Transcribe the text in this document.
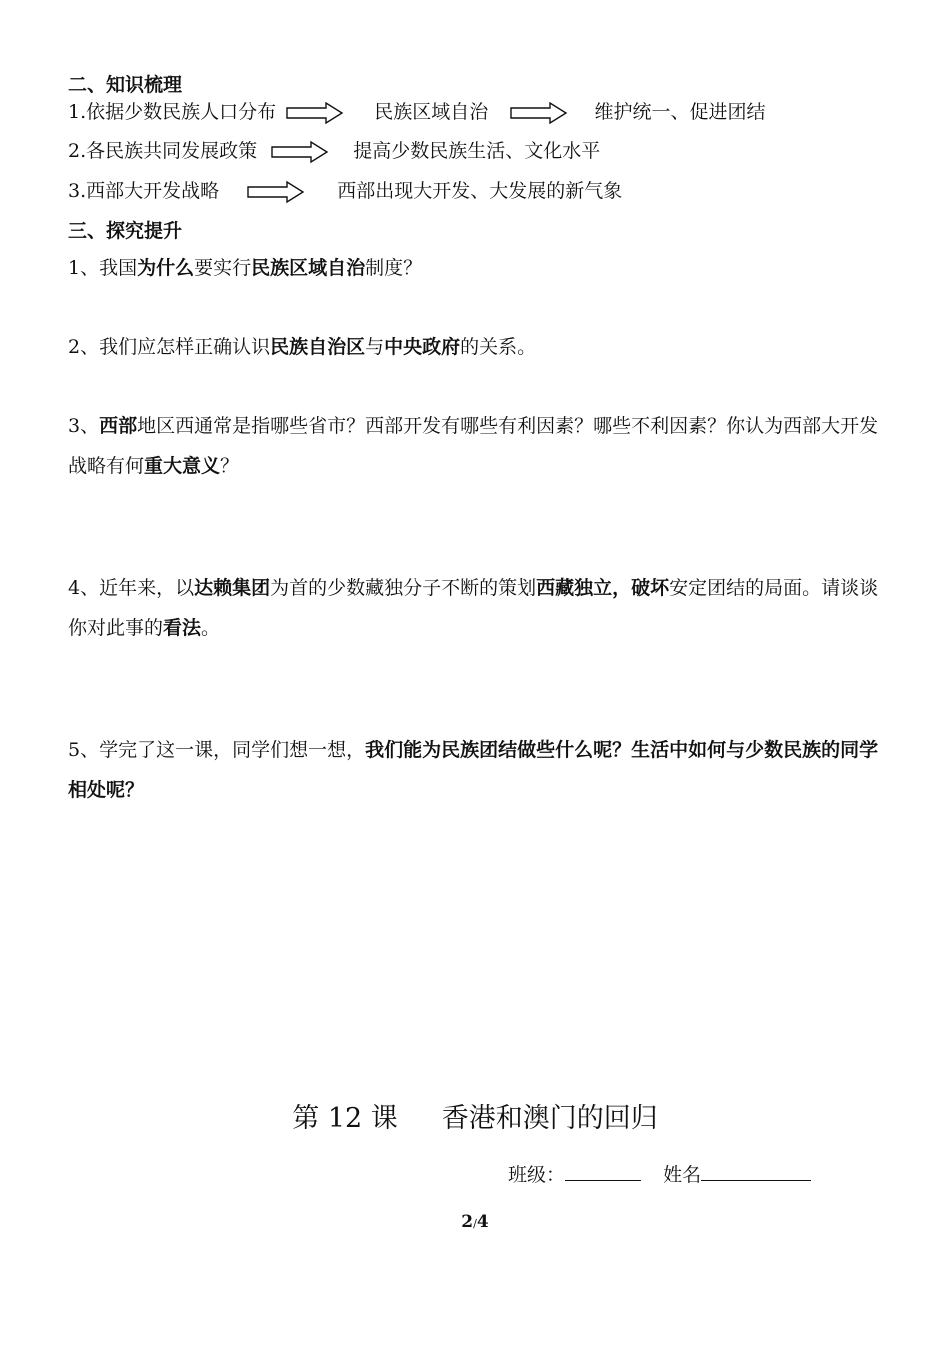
二、知识梳理
1.依据少数民族人口分布	民族区域自治	维护统一、促进团结
2.各民族共同发展政策	提高少数民族生活、文化水平
3.西部大开发战略	西部出现大开发、大发展的新气象
三、探究提升
1、我国为什么要实行民族区域自治制度？
2、我们应怎样正确认识民族自治区与中央政府的关系。
3、西部地区西通常是指哪些省市？西部开发有哪些有利因素？哪些不利因素？你认为西部大开发战略有何重大意义？
4、近年来，以达赖集团为首的少数藏独分子不断的策划西藏独立，破坏安定团结的局面。请谈谈你对此事的看法。
5、学完了这一课，同学们想一想，我们能为民族团结做些什么呢？生活中如何与少数民族的同学相处呢？
第 12 课 香港和澳门的回归
班级：	姓名
2/4
